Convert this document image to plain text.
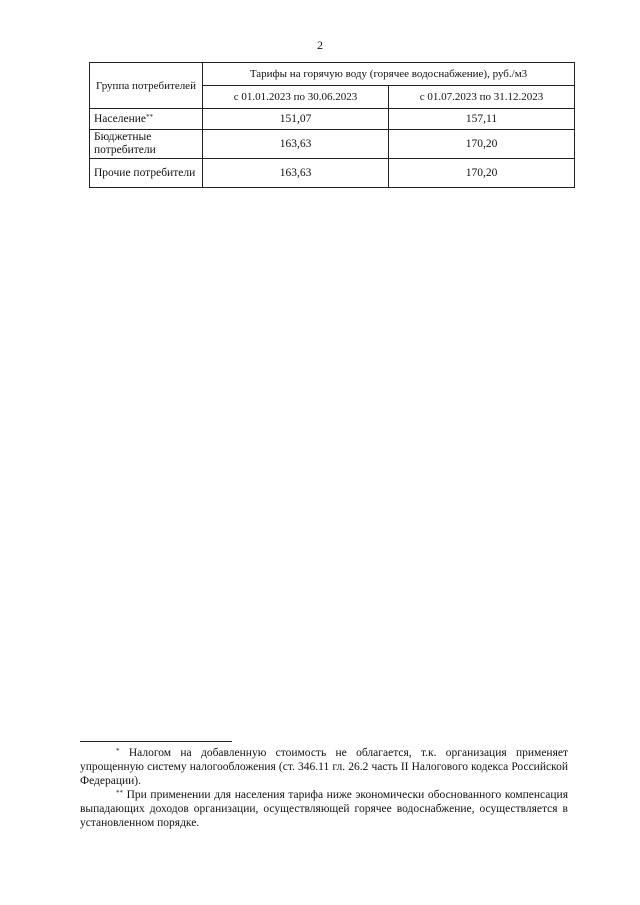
2
Группа потребителей	Тарифы на горячую воду (горячее водоснабжение), руб./м3	
	с 01.01.2023 по 30.06.2023	с 01.07.2023 по 31.12.2023
Население**	151,07	157,11
Бюджетные потребители	163,63	170,20
Прочие потребители	163,63	170,20

* Налогом на добавленную стоимость не облагается, т.к. организация применяет упрощенную систему налогообложения (ст. 346.11 гл. 26.2 часть II Налогового кодекса Российской Федерации).

** При применении для населения тарифа ниже экономически обоснованного компенсация выпадающих доходов организации, осуществляющей горячее водоснабжение, осуществляется в установленном порядке.
